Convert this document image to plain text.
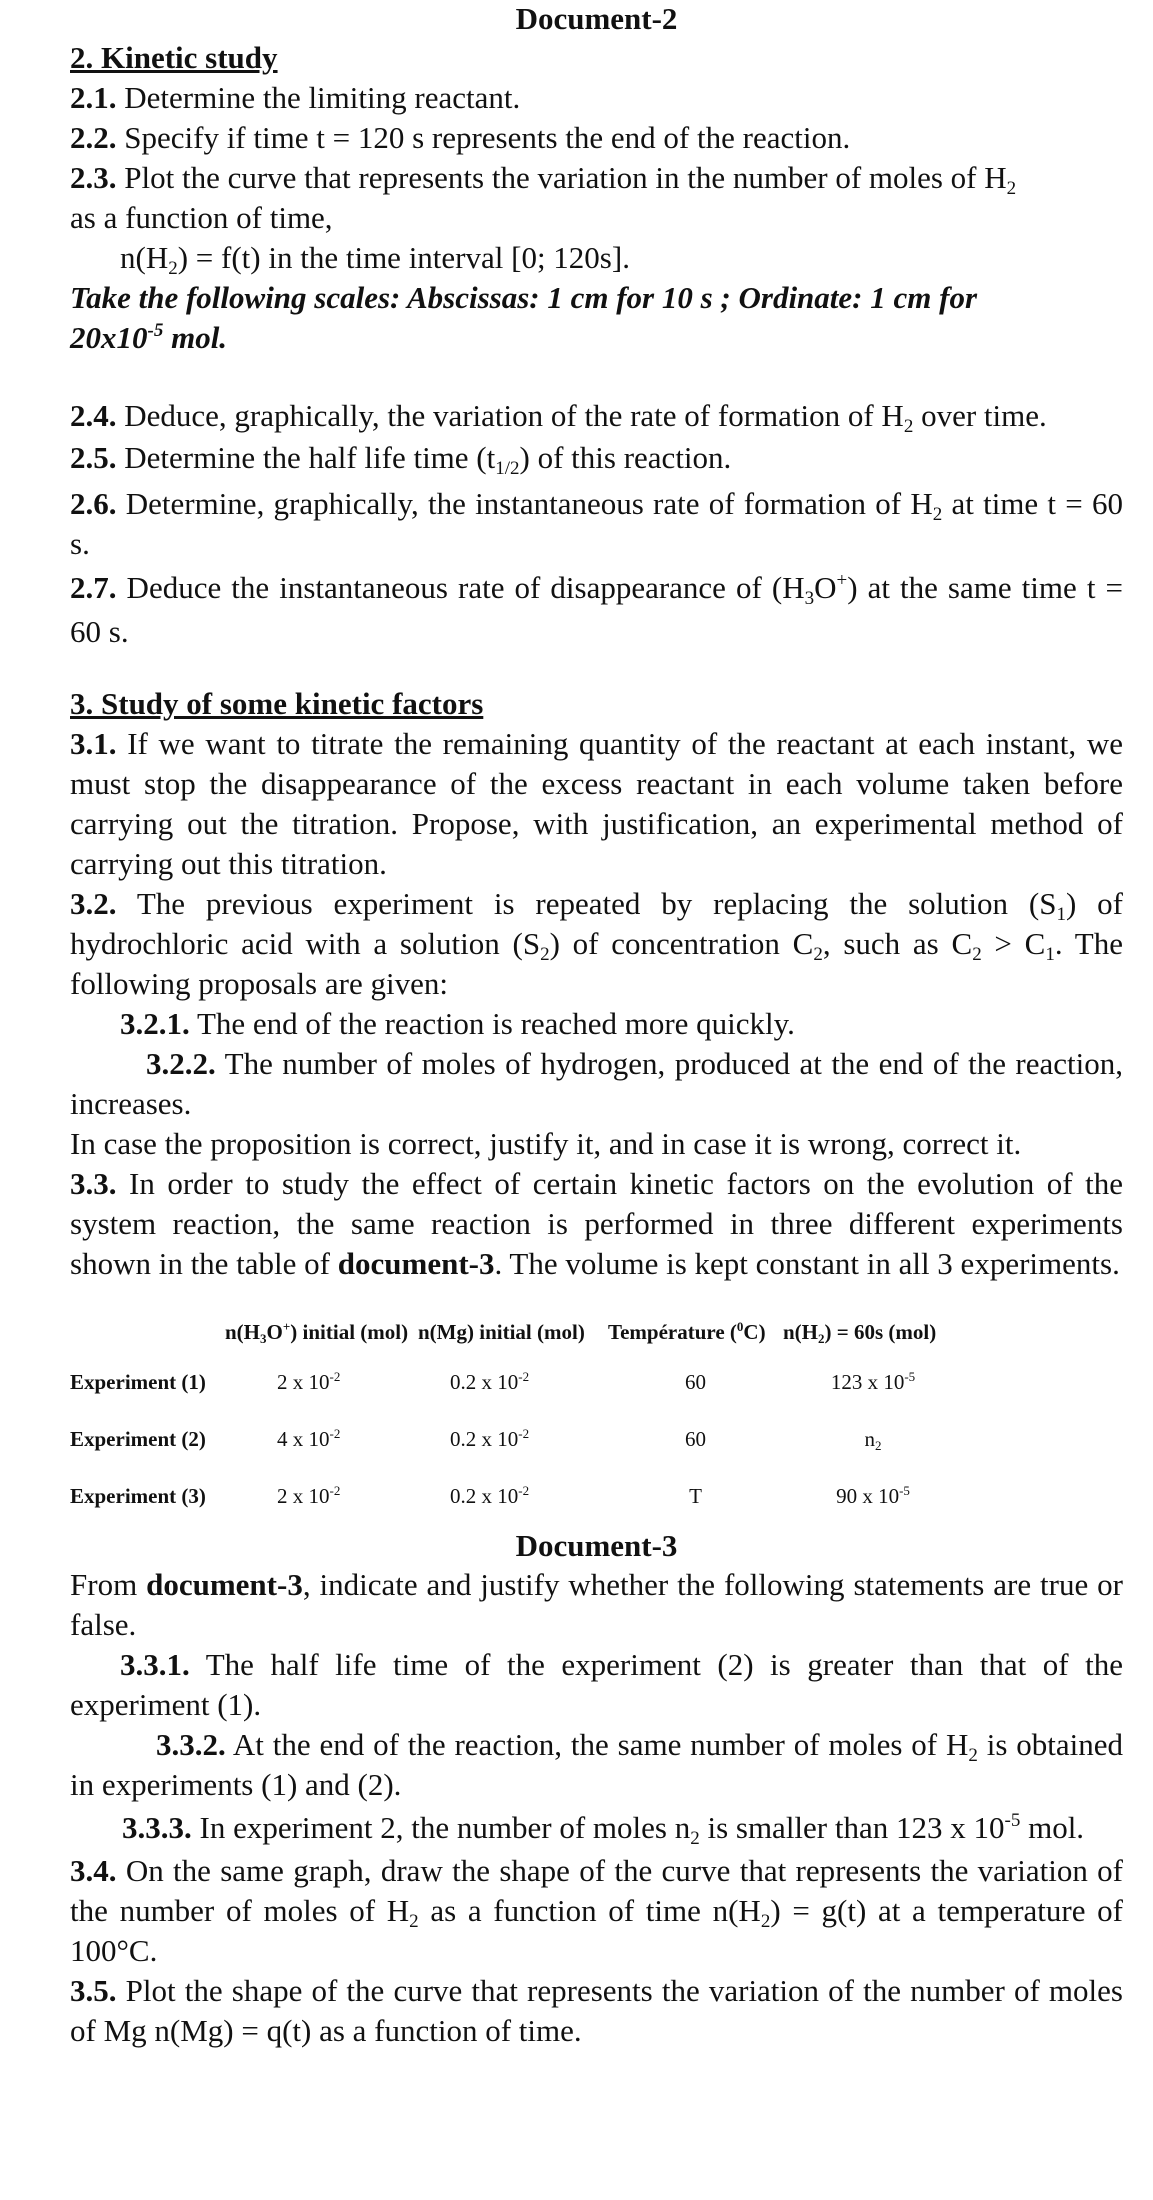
Document-2
2. Kinetic study
2.1. Determine the limiting reactant.
2.2. Specify if time t = 120 s represents the end of the reaction.
2.3. Plot the curve that represents the variation in the number of moles of $H_2$
as a function of time,
$n(H_2) = f(t)$ in the time interval [0; 120s].
Take the following scales: Abscissas: 1 cm for 10 s ; Ordinate: 1 cm for
$20x10^{-5}$ mol.
2.4. Deduce, graphically, the variation of the rate of formation of $H_2$ over time.
2.5. Determine the half life time $(t_{1/2})$ of this reaction.
2.6. Determine, graphically, the instantaneous rate of formation of $H_2$ at time t = 60 s.
2.7. Deduce the instantaneous rate of disappearance of $(H_3O^+)$ at the same time t = 60 s.
3. Study of some kinetic factors
3.1. If we want to titrate the remaining quantity of the reactant at each instant, we must stop the disappearance of the excess reactant in each volume taken before carrying out the titration. Propose, with justification, an experimental method of carrying out this titration.
3.2. The previous experiment is repeated by replacing the solution $(S_1)$ of hydrochloric acid with a solution $(S_2)$ of concentration $C_2$, such as $C_2 > C_1$. The following proposals are given:
3.2.1. The end of the reaction is reached more quickly.
3.2.2. The number of moles of hydrogen, produced at the end of the reaction, increases.
In case the proposition is correct, justify it, and in case it is wrong, correct it.
3.3. In order to study the effect of certain kinetic factors on the evolution of the system reaction, the same reaction is performed in three different experiments shown in the table of document-3. The volume is kept constant in all 3 experiments.
	$n(H_3O^+)$ initial (mol)	n(Mg) initial (mol)	Température ($^0$C)	$n(H_2) = 60s$ (mol)
Experiment (1)	2 x $10^{-2}$	0.2 x $10^{-2}$	60	123 x $10^{-5}$
Experiment (2)	4 x $10^{-2}$	0.2 x $10^{-2}$	60	$n_2$
Experiment (3)	2 x $10^{-2}$	0.2 x $10^{-2}$	T	90 x $10^{-5}$
Document-3
From document-3, indicate and justify whether the following statements are true or false.
3.3.1. The half life time of the experiment (2) is greater than that of the experiment (1).
3.3.2. At the end of the reaction, the same number of moles of $H_2$ is obtained in experiments (1) and (2).
3.3.3. In experiment 2, the number of moles $n_2$ is smaller than 123 x $10^{-5}$ mol.
3.4. On the same graph, draw the shape of the curve that represents the variation of the number of moles of $H_2$ as a function of time $n(H_2) = g(t)$ at a temperature of 100°C.
3.5. Plot the shape of the curve that represents the variation of the number of moles of Mg n(Mg) = q(t) as a function of time.
